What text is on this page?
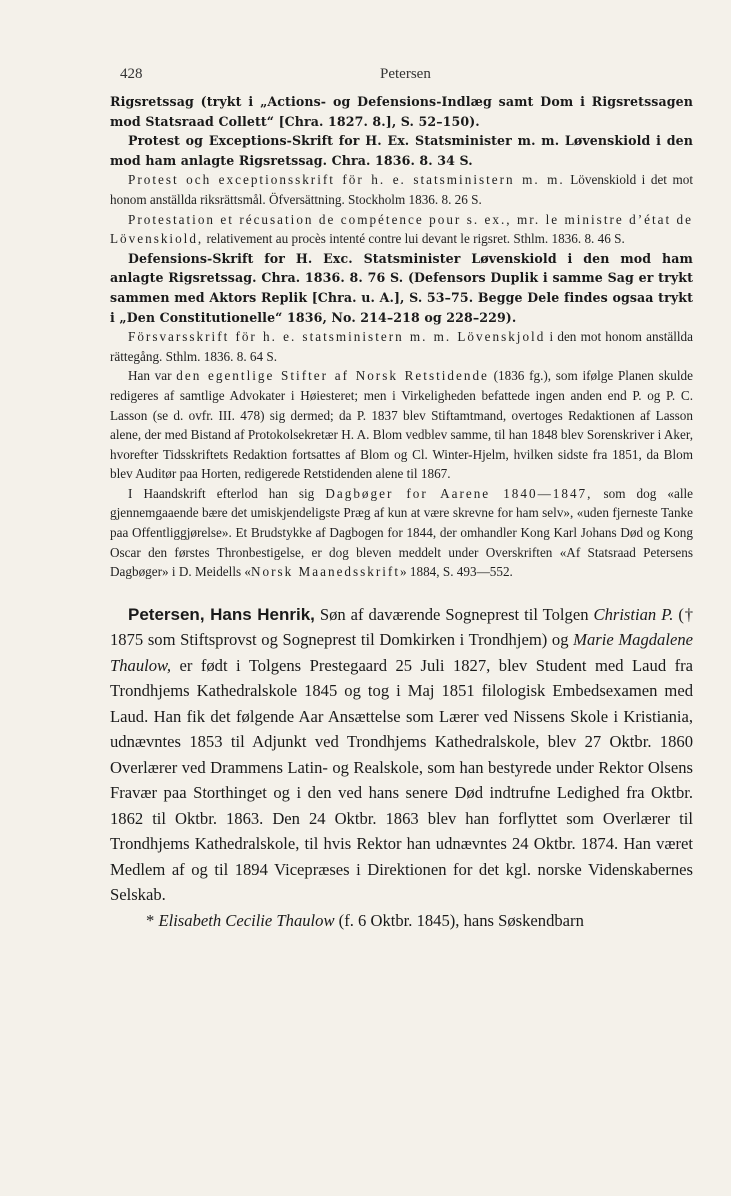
428	Petersen

Rigsretssag (trykt i „Actions- og Defensions-Indlæg samt Dom i Rigsretssagen mod Statsraad Collett“ [Chra. 1827. 8.], S. 52–150).

Protest og Exceptions-Skrift for H. Ex. Statsminister m. m. Løvenskiold i den mod ham anlagte Rigsretssag. Chra. 1836. 8. 34 S.

Protest och exceptionsskrift för h. e. statsministern m. m. Lövenskiold i det mot honom anställda riksrättsmål. Öfversättning. Stockholm 1836. 8. 26 S.

Protestation et récusation de compétence pour s. ex., mr. le ministre d’état de Lövenskiold, relativement au procès intenté contre lui devant le rigsret. Sthlm. 1836. 8. 46 S.

Defensions-Skrift for H. Exc. Statsminister Løvenskiold i den mod ham anlagte Rigsretssag. Chra. 1836. 8. 76 S. (Defensors Duplik i samme Sag er trykt sammen med Aktors Replik [Chra. u. A.], S. 53–75. Begge Dele findes ogsaa trykt i „Den Constitutionelle“ 1836, No. 214–218 og 228–229).

Försvarsskrift för h. e. statsministern m. m. Lövenskjold i den mot honom anställda rättegång. Sthlm. 1836. 8. 64 S.

Han var den egentlige Stifter af Norsk Retstidende (1836 fg.), som ifølge Planen skulde redigeres af samtlige Advokater i Høiesteret; men i Virkeligheden befattede ingen anden end P. og P. C. Lasson (se d. ovfr. III. 478) sig dermed; da P. 1837 blev Stiftamtmand, overtoges Redaktionen af Lasson alene, der med Bistand af Protokolsekretær H. A. Blom vedblev samme, til han 1848 blev Sorenskriver i Aker, hvorefter Tidsskriftets Redaktion fortsattes af Blom og Cl. Winter-Hjelm, hvilken sidste fra 1851, da Blom blev Auditør paa Horten, redigerede Retstidenden alene til 1867.

I Haandskrift efterlod han sig Dagbøger for Aarene 1840—1847, som dog «alle gjennemgaaende bære det umiskjendeligste Præg af kun at være skrevne for ham selv», «uden fjerneste Tanke paa Offentliggjørelse». Et Brudstykke af Dagbogen for 1844, der omhandler Kong Karl Johans Død og Kong Oscar den førstes Thronbestigelse, er dog bleven meddelt under Overskriften «Af Statsraad Petersens Dagbøger» i D. Meidells «Norsk Maanedsskrift» 1884, S. 493—552.

Petersen, Hans Henrik, Søn af daværende Sogneprest til Tolgen Christian P. († 1875 som Stiftsprovst og Sogneprest til Domkirken i Trondhjem) og Marie Magdalene Thaulow, er født i Tolgens Prestegaard 25 Juli 1827, blev Student med Laud fra Trondhjems Kathedralskole 1845 og tog i Maj 1851 filologisk Embedsexamen med Laud. Han fik det følgende Aar Ansættelse som Lærer ved Nissens Skole i Kristiania, udnævntes 1853 til Adjunkt ved Trondhjems Kathedralskole, blev 27 Oktbr. 1860 Overlærer ved Drammens Latin- og Realskole, som han bestyrede under Rektor Olsens Fravær paa Storthinget og i den ved hans senere Død indtrufne Ledighed fra Oktbr. 1862 til Oktbr. 1863. Den 24 Oktbr. 1863 blev han forflyttet som Overlærer til Trondhjems Kathedralskole, til hvis Rektor han udnævntes 24 Oktbr. 1874. Han været Medlem af og til 1894 Vicepræses i Direktionen for det kgl. norske Videnskabernes Selskab.

* Elisabeth Cecilie Thaulow (f. 6 Oktbr. 1845), hans Søskendbarn
